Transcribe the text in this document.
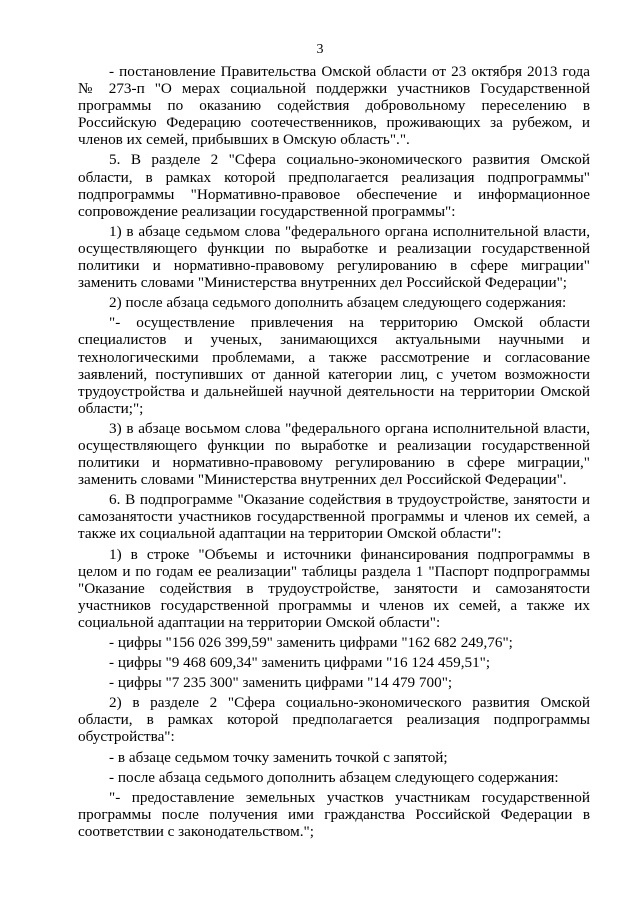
3

- постановление Правительства Омской области от 23 октября 2013 года № 273-п "О мерах социальной поддержки участников Государственной программы по оказанию содействия добровольному переселению в Российскую Федерацию соотечественников, проживающих за рубежом, и членов их семей, прибывших в Омскую область".".

5. В разделе 2 "Сфера социально-экономического развития Омской области, в рамках которой предполагается реализация подпрограммы" подпрограммы "Нормативно-правовое обеспечение и информационное сопровождение реализации государственной программы":

1) в абзаце седьмом слова "федерального органа исполнительной власти, осуществляющего функции по выработке и реализации государственной политики и нормативно-правовому регулированию в сфере миграции" заменить словами "Министерства внутренних дел Российской Федерации";

2) после абзаца седьмого дополнить абзацем следующего содержания:

"- осуществление привлечения на территорию Омской области специалистов и ученых, занимающихся актуальными научными и технологическими проблемами, а также рассмотрение и согласование заявлений, поступивших от данной категории лиц, с учетом возможности трудоустройства и дальнейшей научной деятельности на территории Омской области;";

3) в абзаце восьмом слова "федерального органа исполнительной власти, осуществляющего функции по выработке и реализации государственной политики и нормативно-правовому регулированию в сфере миграции," заменить словами "Министерства внутренних дел Российской Федерации".

6. В подпрограмме "Оказание содействия в трудоустройстве, занятости и самозанятости участников государственной программы и членов их семей, а также их социальной адаптации на территории Омской области":

1) в строке "Объемы и источники финансирования подпрограммы в целом и по годам ее реализации" таблицы раздела 1 "Паспорт подпрограммы "Оказание содействия в трудоустройстве, занятости и самозанятости участников государственной программы и членов их семей, а также их социальной адаптации на территории Омской области":

- цифры "156 026 399,59" заменить цифрами "162 682 249,76";

- цифры "9 468 609,34" заменить цифрами "16 124 459,51";

- цифры "7 235 300" заменить цифрами "14 479 700";

2) в разделе 2 "Сфера социально-экономического развития Омской области, в рамках которой предполагается реализация подпрограммы обустройства":

- в абзаце седьмом точку заменить точкой с запятой;

- после абзаца седьмого дополнить абзацем следующего содержания:

"- предоставление земельных участков участникам государственной программы после получения ими гражданства Российской Федерации в соответствии с законодательством.";
